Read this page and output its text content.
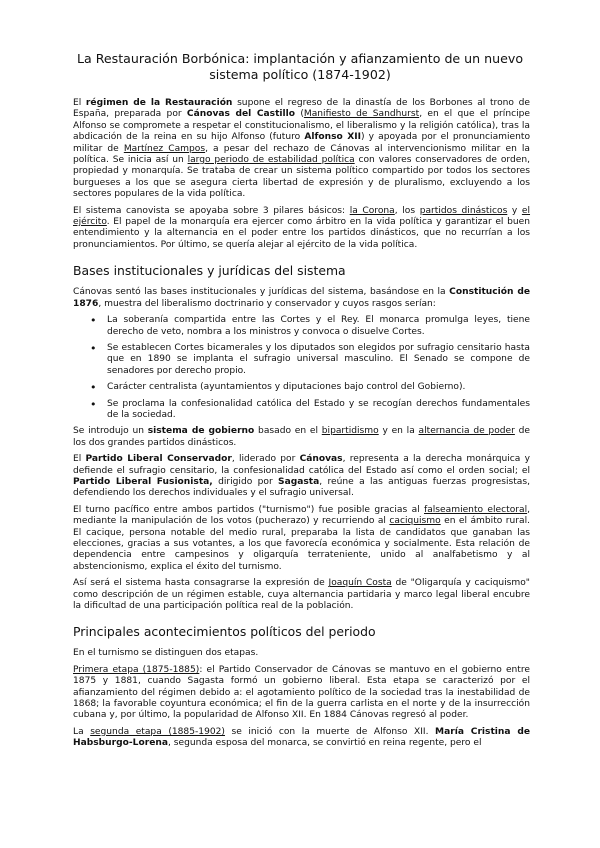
La Restauración Borbónica: implantación y afianzamiento de un nuevo sistema político (1874-1902)

El régimen de la Restauración supone el regreso de la dinastía de los Borbones al trono de España, preparada por Cánovas del Castillo (Manifiesto de Sandhurst, en el que el príncipe Alfonso se compromete a respetar el constitucionalismo, el liberalismo y la religión católica), tras la abdicación de la reina en su hijo Alfonso (futuro Alfonso XII) y apoyada por el pronunciamiento militar de Martínez Campos, a pesar del rechazo de Cánovas al intervencionismo militar en la política. Se inicia así un largo periodo de estabilidad política con valores conservadores de orden, propiedad y monarquía. Se trataba de crear un sistema político compartido por todos los sectores burgueses a los que se asegura cierta libertad de expresión y de pluralismo, excluyendo a los sectores populares de la vida política.

El sistema canovista se apoyaba sobre 3 pilares básicos: la Corona, los partidos dinásticos y el ejército. El papel de la monarquía era ejercer como árbitro en la vida política y garantizar el buen entendimiento y la alternancia en el poder entre los partidos dinásticos, que no recurrían a los pronunciamientos. Por último, se quería alejar al ejército de la vida política.

Bases institucionales y jurídicas del sistema

Cánovas sentó las bases institucionales y jurídicas del sistema, basándose en la Constitución de 1876, muestra del liberalismo doctrinario y conservador y cuyos rasgos serían:

• La soberanía compartida entre las Cortes y el Rey. El monarca promulga leyes, tiene derecho de veto, nombra a los ministros y convoca o disuelve Cortes.
• Se establecen Cortes bicamerales y los diputados son elegidos por sufragio censitario hasta que en 1890 se implanta el sufragio universal masculino. El Senado se compone de senadores por derecho propio.
• Carácter centralista (ayuntamientos y diputaciones bajo control del Gobierno).
• Se proclama la confesionalidad católica del Estado y se recogían derechos fundamentales de la sociedad.

Se introdujo un sistema de gobierno basado en el bipartidismo y en la alternancia de poder de los dos grandes partidos dinásticos.

El Partido Liberal Conservador, liderado por Cánovas, representa a la derecha monárquica y defiende el sufragio censitario, la confesionalidad católica del Estado así como el orden social; el Partido Liberal Fusionista, dirigido por Sagasta, reúne a las antiguas fuerzas progresistas, defendiendo los derechos individuales y el sufragio universal.

El turno pacífico entre ambos partidos ("turnismo") fue posible gracias al falseamiento electoral, mediante la manipulación de los votos (pucherazo) y recurriendo al caciquismo en el ámbito rural. El cacique, persona notable del medio rural, preparaba la lista de candidatos que ganaban las elecciones, gracias a sus votantes, a los que favorecía económica y socialmente. Esta relación de dependencia entre campesinos y oligarquía terrateniente, unido al analfabetismo y al abstencionismo, explica el éxito del turnismo.

Así será el sistema hasta consagrarse la expresión de Joaquín Costa de "Oligarquía y caciquismo" como descripción de un régimen estable, cuya alternancia partidaria y marco legal liberal encubre la dificultad de una participación política real de la población.

Principales acontecimientos políticos del periodo

En el turnismo se distinguen dos etapas.

Primera etapa (1875-1885): el Partido Conservador de Cánovas se mantuvo en el gobierno entre 1875 y 1881, cuando Sagasta formó un gobierno liberal. Esta etapa se caracterizó por el afianzamiento del régimen debido a: el agotamiento político de la sociedad tras la inestabilidad de 1868; la favorable coyuntura económica; el fin de la guerra carlista en el norte y de la insurrección cubana y, por último, la popularidad de Alfonso XII. En 1884 Cánovas regresó al poder.

La segunda etapa (1885-1902) se inició con la muerte de Alfonso XII. María Cristina de Habsburgo-Lorena, segunda esposa del monarca, se convirtió en reina regente, pero el
